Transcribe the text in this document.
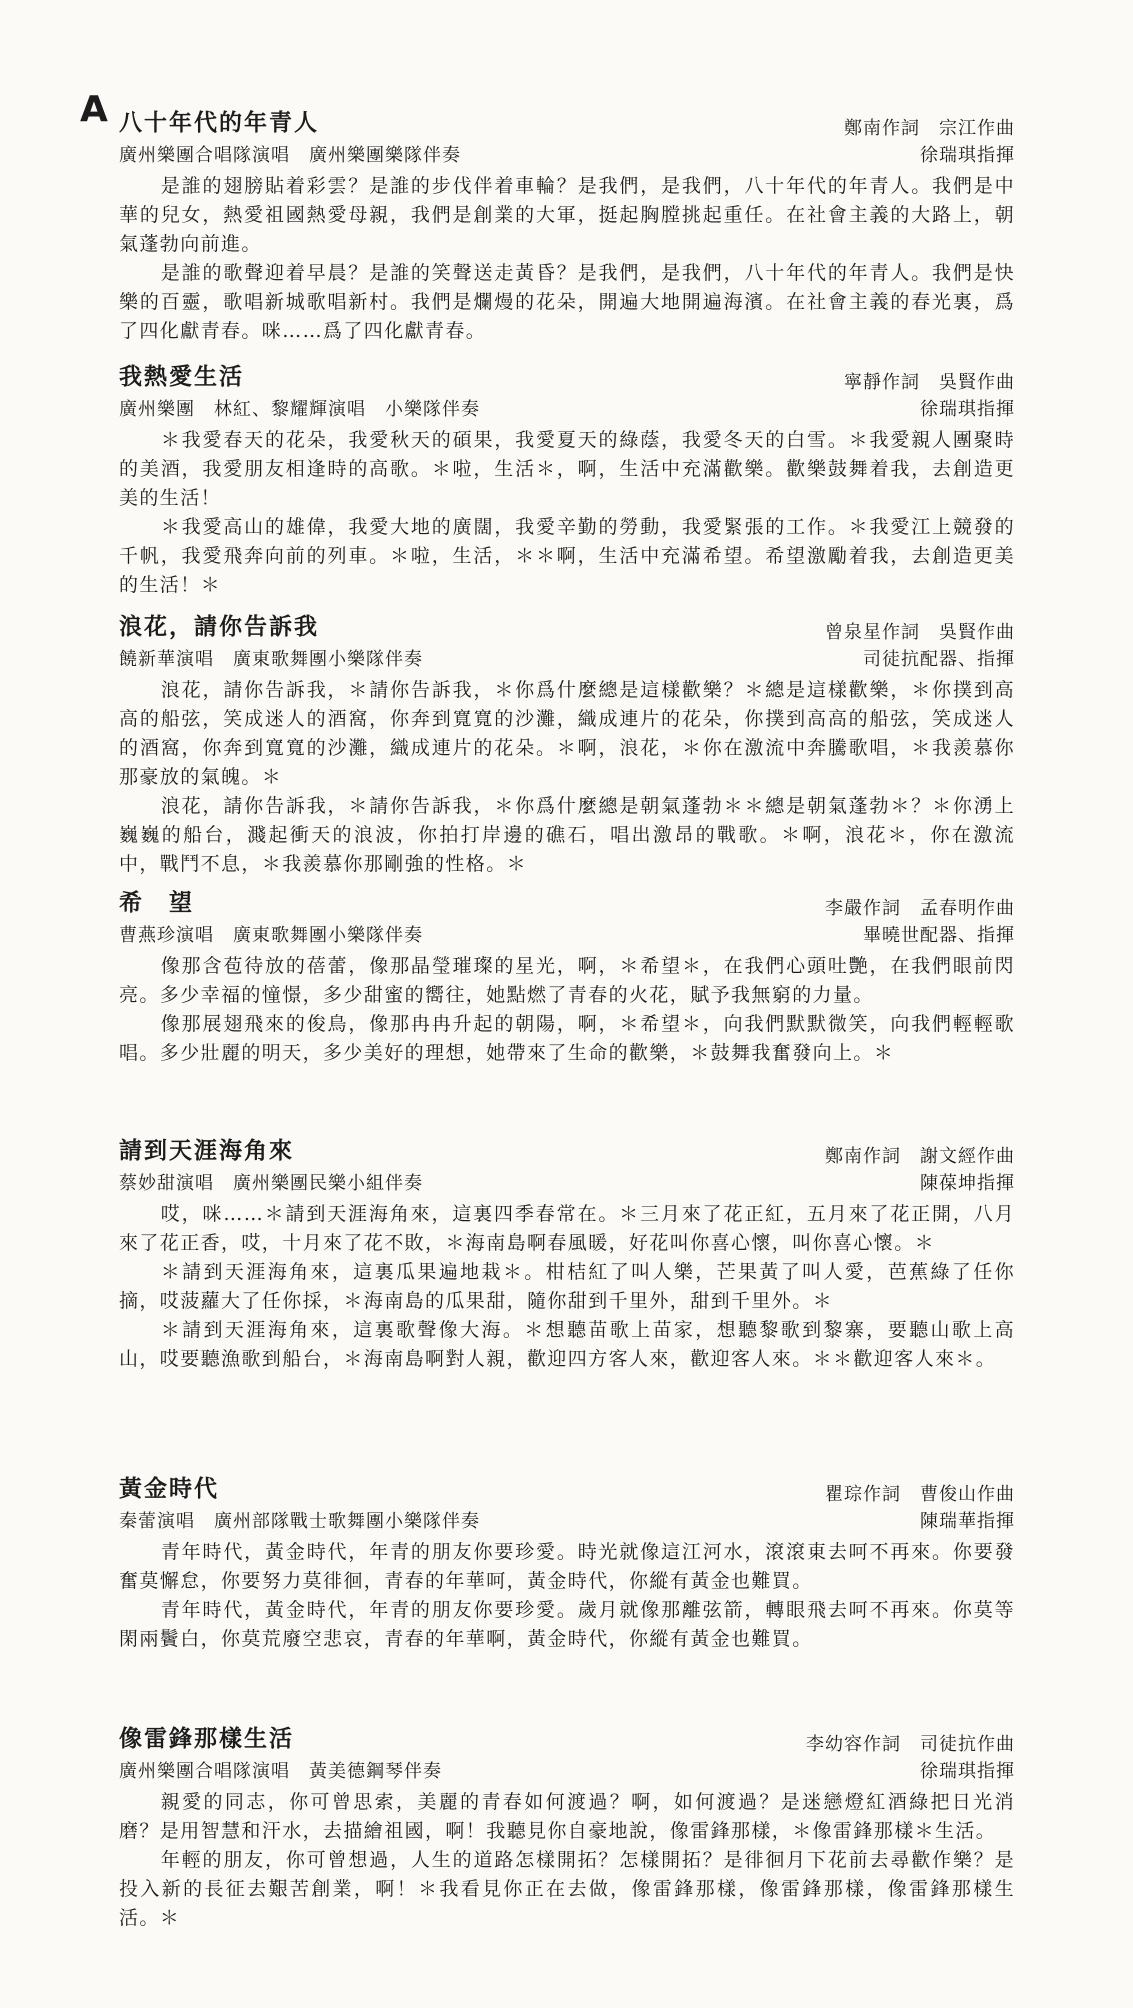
A 八十年代的年青人	鄭南作詞　宗江作曲
廣州樂團合唱隊演唱　廣州樂團樂隊伴奏	徐瑞琪指揮

是誰的翅膀貼着彩雲？是誰的步伐伴着車輪？是我們，是我們，八十年代的年青人。我們是中華的兒女，熱愛祖國熱愛母親，我們是創業的大軍，挺起胸膛挑起重任。在社會主義的大路上，朝氣蓬勃向前進。

是誰的歌聲迎着早晨？是誰的笑聲送走黃昏？是我們，是我們，八十年代的年青人。我們是快樂的百靈，歌唱新城歌唱新村。我們是爛熳的花朵，開遍大地開遍海濱。在社會主義的春光裏，爲了四化獻青春。咪……爲了四化獻青春。

我熱愛生活	寧靜作詞　吳賢作曲
廣州樂團　林紅、黎耀輝演唱　小樂隊伴奏	徐瑞琪指揮

＊我愛春天的花朵，我愛秋天的碩果，我愛夏天的綠蔭，我愛冬天的白雪。＊我愛親人團聚時的美酒，我愛朋友相逢時的高歌。＊啦，生活＊，啊，生活中充滿歡樂。歡樂鼓舞着我，去創造更美的生活！

＊我愛高山的雄偉，我愛大地的廣闊，我愛辛勤的勞動，我愛緊張的工作。＊我愛江上競發的千帆，我愛飛奔向前的列車。＊啦，生活，＊＊啊，生活中充滿希望。希望激勵着我，去創造更美的生活！＊

浪花，請你告訴我	曾泉星作詞　吳賢作曲
饒新華演唱　廣東歌舞團小樂隊伴奏	司徒抗配器、指揮

浪花，請你告訴我，＊請你告訴我，＊你爲什麼總是這樣歡樂？＊總是這樣歡樂，＊你撲到高高的船弦，笑成迷人的酒窩，你奔到寬寬的沙灘，織成連片的花朵，你撲到高高的船弦，笑成迷人的酒窩，你奔到寬寬的沙灘，織成連片的花朵。＊啊，浪花，＊你在激流中奔騰歌唱，＊我羨慕你那豪放的氣魄。＊

浪花，請你告訴我，＊請你告訴我，＊你爲什麼總是朝氣蓬勃＊＊總是朝氣蓬勃＊？＊你湧上巍巍的船台，濺起衝天的浪波，你拍打岸邊的礁石，唱出激昂的戰歌。＊啊，浪花＊，你在激流中，戰鬥不息，＊我羨慕你那剛強的性格。＊

希　望	李嚴作詞　孟春明作曲
曹燕珍演唱　廣東歌舞團小樂隊伴奏	畢曉世配器、指揮

像那含苞待放的蓓蕾，像那晶瑩璀璨的星光，啊，＊希望＊，在我們心頭吐艷，在我們眼前閃亮。多少幸福的憧憬，多少甜蜜的嚮往，她點燃了青春的火花，賦予我無窮的力量。

像那展翅飛來的俊鳥，像那冉冉升起的朝陽，啊，＊希望＊，向我們默默微笑，向我們輕輕歌唱。多少壯麗的明天，多少美好的理想，她帶來了生命的歡樂，＊鼓舞我奮發向上。＊

請到天涯海角來	鄭南作詞　謝文經作曲
蔡妙甜演唱　廣州樂團民樂小組伴奏	陳葆坤指揮

哎，咪……＊請到天涯海角來，這裏四季春常在。＊三月來了花正紅，五月來了花正開，八月來了花正香，哎，十月來了花不敗，＊海南島啊春風暖，好花叫你喜心懷，叫你喜心懷。＊

＊請到天涯海角來，這裏瓜果遍地栽＊。柑桔紅了叫人樂，芒果黃了叫人愛，芭蕉綠了任你摘，哎菠蘿大了任你採，＊海南島的瓜果甜，隨你甜到千里外，甜到千里外。＊

＊請到天涯海角來，這裏歌聲像大海。＊想聽苗歌上苗家，想聽黎歌到黎寨，要聽山歌上高山，哎要聽漁歌到船台，＊海南島啊對人親，歡迎四方客人來，歡迎客人來。＊＊歡迎客人來＊。

黃金時代	瞿琮作詞　曹俊山作曲
秦蕾演唱　廣州部隊戰士歌舞團小樂隊伴奏	陳瑞華指揮

青年時代，黃金時代，年青的朋友你要珍愛。時光就像這江河水，滾滾東去呵不再來。你要發奮莫懈怠，你要努力莫徘徊，青春的年華呵，黃金時代，你縱有黃金也難買。

青年時代，黃金時代，年青的朋友你要珍愛。歲月就像那離弦箭，轉眼飛去呵不再來。你莫等閑兩鬢白，你莫荒廢空悲哀，青春的年華啊，黃金時代，你縱有黃金也難買。

像雷鋒那樣生活	李幼容作詞　司徒抗作曲
廣州樂團合唱隊演唱　黃美德鋼琴伴奏	徐瑞琪指揮

親愛的同志，你可曾思索，美麗的青春如何渡過？啊，如何渡過？是迷戀燈紅酒綠把日光消磨？是用智慧和汗水，去描繪祖國，啊！我聽見你自豪地說，像雷鋒那樣，＊像雷鋒那樣＊生活。

年輕的朋友，你可曾想過，人生的道路怎樣開拓？怎樣開拓？是徘徊月下花前去尋歡作樂？是投入新的長征去艱苦創業，啊！＊我看見你正在去做，像雷鋒那樣，像雷鋒那樣，像雷鋒那樣生活。＊
